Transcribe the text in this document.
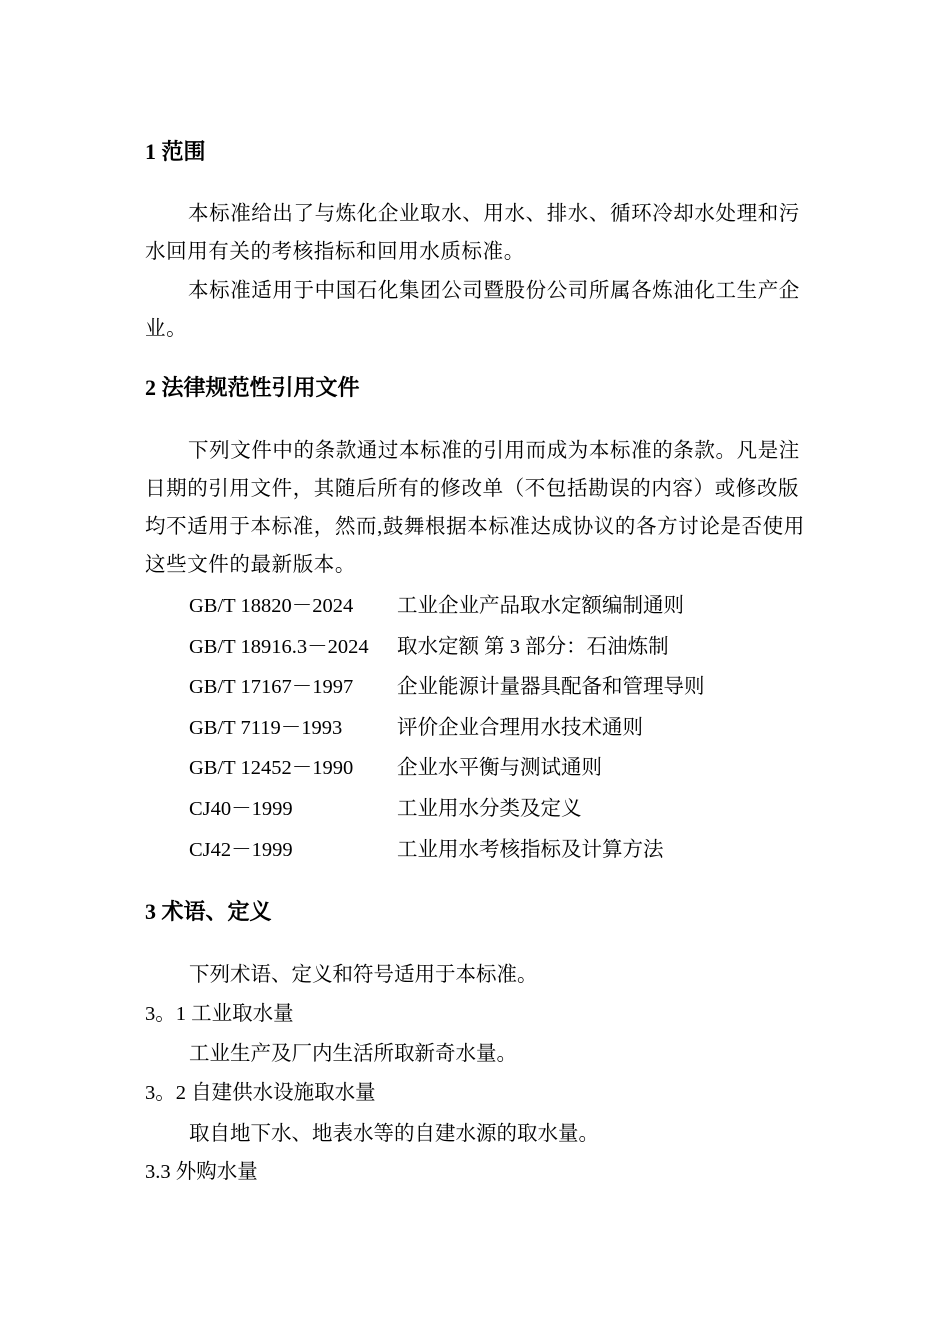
1 范围
本标准给出了与炼化企业取水、用水、排水、循环冷却水处理和污水回用有关的考核指标和回用水质标准。
本标准适用于中国石化集团公司暨股份公司所属各炼油化工生产企业。
2 法律规范性引用文件
下列文件中的条款通过本标准的引用而成为本标准的条款。凡是注日期的引用文件，其随后所有的修改单（不包括勘误的内容）或修改版均不适用于本标准，然而,鼓舞根据本标准达成协议的各方讨论是否使用这些文件的最新版本。
GB/T 18820－2024 工业企业产品取水定额编制通则
GB/T 18916.3－2024 取水定额 第 3 部分：石油炼制
GB/T 17167－1997 企业能源计量器具配备和管理导则
GB/T 7119－1993	评价企业合理用水技术通则
GB/T 12452－1990 企业水平衡与测试通则
CJ40－1999	工业用水分类及定义
CJ42－1999	工业用水考核指标及计算方法
3 术语、定义
下列术语、定义和符号适用于本标准。
3。1 工业取水量
工业生产及厂内生活所取新奇水量。
3。2 自建供水设施取水量
取自地下水、地表水等的自建水源的取水量。
3.3 外购水量
